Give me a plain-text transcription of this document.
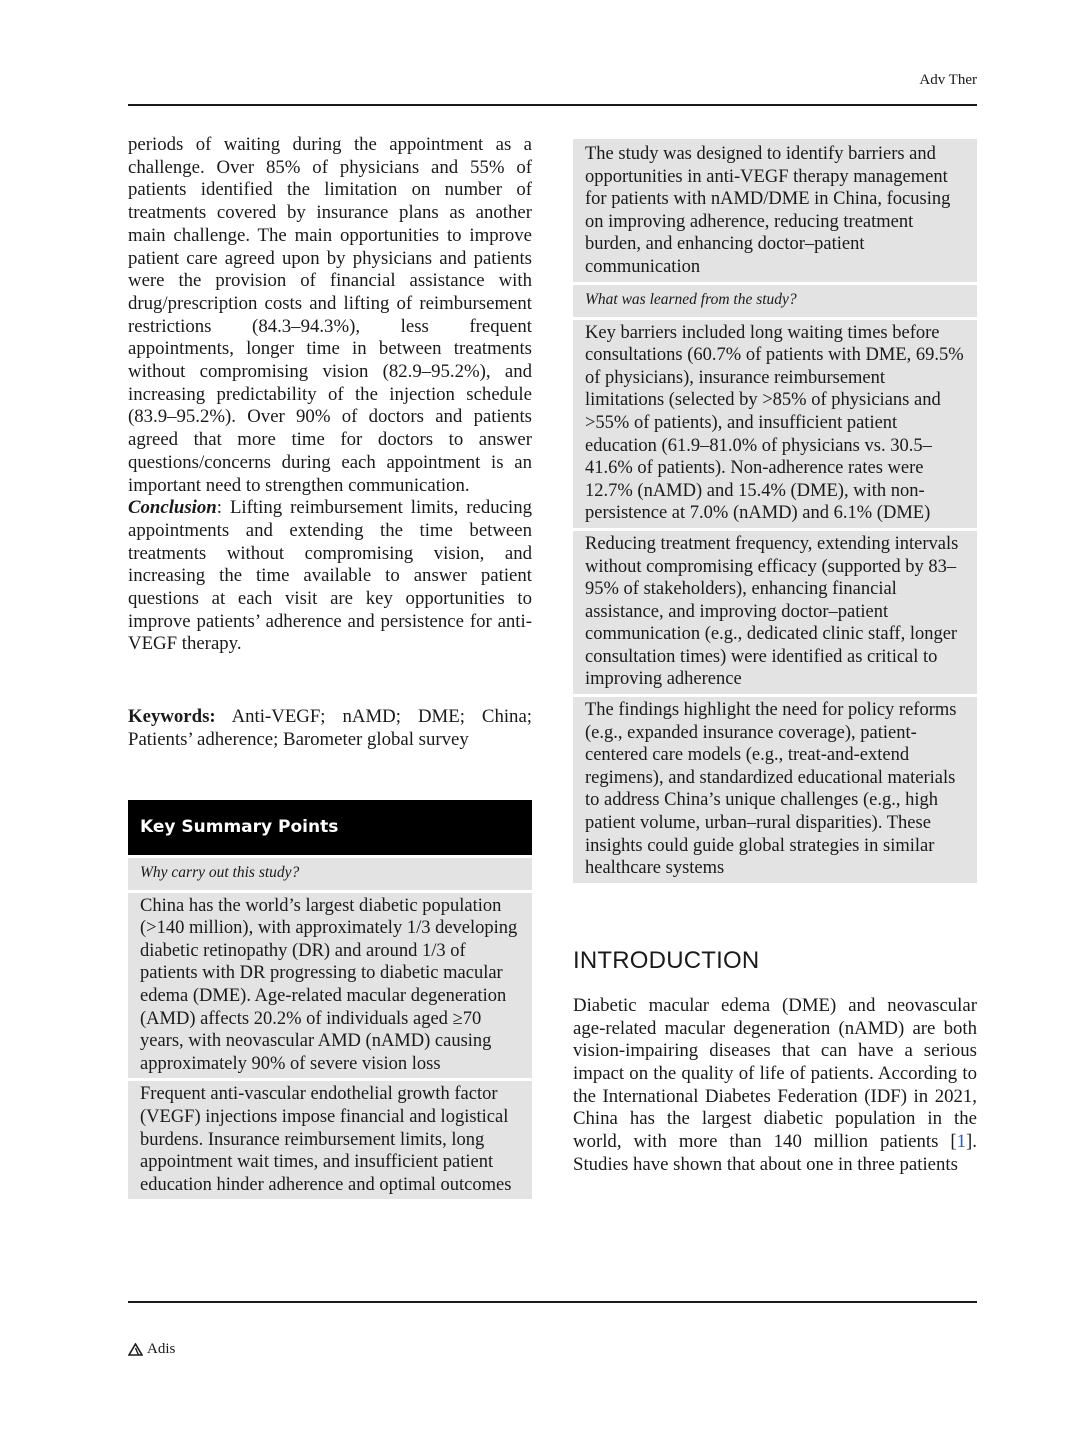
Adv Ther

periods of waiting during the appointment as a challenge. Over 85% of physicians and 55% of patients identified the limitation on number of treatments covered by insurance plans as another main challenge. The main opportunities to improve patient care agreed upon by physicians and patients were the provision of financial assistance with drug/prescription costs and lifting of reimbursement restrictions (84.3–94.3%), less frequent appointments, longer time in between treatments without compromising vision (82.9–95.2%), and increasing predictability of the injection schedule (83.9–95.2%). Over 90% of doctors and patients agreed that more time for doctors to answer questions/concerns during each appointment is an important need to strengthen communication.

Conclusion: Lifting reimbursement limits, reducing appointments and extending the time between treatments without compromising vision, and increasing the time available to answer patient questions at each visit are key opportunities to improve patients’ adherence and persistence for anti-VEGF therapy.

Keywords: Anti-VEGF; nAMD; DME; China; Patients’ adherence; Barometer global survey
Key Summary Points
Why carry out this study?
China has the world’s largest diabetic population (>140 million), with approximately 1/3 developing diabetic retinopathy (DR) and around 1/3 of patients with DR progressing to diabetic macular edema (DME). Age-related macular degeneration (AMD) affects 20.2% of individuals aged ≥70 years, with neovascular AMD (nAMD) causing approximately 90% of severe vision loss
Frequent anti-vascular endothelial growth factor (VEGF) injections impose financial and logistical burdens. Insurance reimbursement limits, long appointment wait times, and insufficient patient education hinder adherence and optimal outcomes
The study was designed to identify barriers and opportunities in anti-VEGF therapy management for patients with nAMD/DME in China, focusing on improving adherence, reducing treatment burden, and enhancing doctor–patient communication
What was learned from the study?
Key barriers included long waiting times before consultations (60.7% of patients with DME, 69.5% of physicians), insurance reimbursement limitations (selected by >85% of physicians and >55% of patients), and insufficient patient education (61.9–81.0% of physicians vs. 30.5–41.6% of patients). Non-adherence rates were 12.7% (nAMD) and 15.4% (DME), with non-persistence at 7.0% (nAMD) and 6.1% (DME)
Reducing treatment frequency, extending intervals without compromising efficacy (supported by 83–95% of stakeholders), enhancing financial assistance, and improving doctor–patient communication (e.g., dedicated clinic staff, longer consultation times) were identified as critical to improving adherence
The findings highlight the need for policy reforms (e.g., expanded insurance coverage), patient-centered care models (e.g., treat-and-extend regimens), and standardized educational materials to address China’s unique challenges (e.g., high patient volume, urban–rural disparities). These insights could guide global strategies in similar healthcare systems
INTRODUCTION

Diabetic macular edema (DME) and neovascular age-related macular degeneration (nAMD) are both vision-impairing diseases that can have a serious impact on the quality of life of patients. According to the International Diabetes Federation (IDF) in 2021, China has the largest diabetic population in the world, with more than 140 million patients [1]. Studies have shown that about one in three patients

Adis
